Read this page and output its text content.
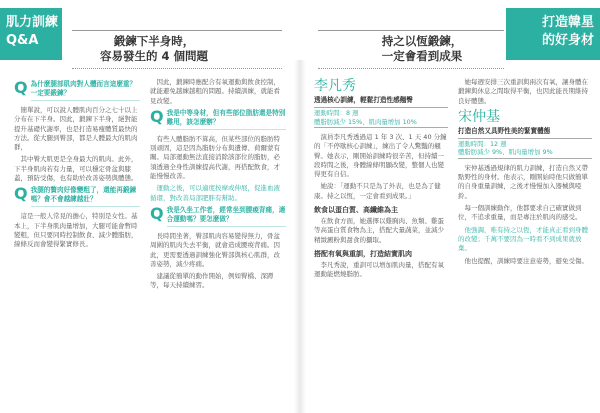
肌力訓練
Q&A
打造韓星
的好身材
鍛鍊下半身時，
容易發生的 4 個問題
持之以恆鍛鍊，
一定會看到成果
Q 為什麼腿部肌肉對人體而言這麼重？一定要鍛鍊？

簡單說，可以說人體肌肉百分之七十以上分布在下半身。因此，鍛鍊下半身，絕對能提升基礎代謝率，也是打造易瘦體質最快的方法。從大腿到臀部，都是人體最大的肌肉群，

其中臀大肌更是全身最大的肌肉。此外，下半身肌肉若有力量，可以穩定骨盆與膝蓋，預防受傷，也有助於改善姿勢與體態。

Q 我腿的贅肉好像變粗了，還能再鍛鍊嗎？會不會越練越壯？

這是一般人常見的擔心，特別是女性。基本上，下半身肌肉量增加，大腿可能會暫時變粗，但只要同時控制飲食、減少體脂肪，線條反而會變得緊實修長。

因此，鍛鍊時應配合有氧運動與飲食控制，就能避免越練越粗的問題。持續訓練，就能看見改變。

Q 我是中等身材，但有些部位脂肪還是特別難甩，該怎麼辦？

有些人體脂肪不算高，但某些部位的脂肪特別頑固，這是因為脂肪分布與遺傳、荷爾蒙有關。局部運動無法直接消除該部位的脂肪，必須透過全身性訓練提高代謝，再搭配飲食，才能慢慢改善。

運動之後，可以適度按摩或伸展，促進血液循環，對改善局部肥胖有幫助。

Q 我是久坐工作者，經常坐到腰痠背痛，適合運動嗎？要怎麼做？

長時間坐著，臀部肌肉容易變得無力，骨盆周圍的肌肉失去平衡，就會造成腰痠背痛。因此，更需要透過訓練強化臀部與核心肌群，改善姿勢，減少疼痛。

建議從簡單的動作開始，例如臀橋、深蹲等，每天持續練習。

李凡秀
透過核心訓練，輕鬆打造性感翹臀
運動時間：8 週
體脂肪減少 15%、肌肉量增加 10%

演員李凡秀透過這 1 年 3 次、1 天 40 分鐘的「不停歇核心訓練」，練出了令人驚豔的翹臀。她表示，剛開始訓練時很辛苦，但持續一段時間之後，身體線條明顯改變，整個人也變得更有自信。

她說：「運動不只是為了外表，也是為了健康。持之以恆，一定會看到成果。」

飲食以蛋白質、高纖維為主

在飲食方面，她選擇以雞胸肉、魚類、雞蛋等高蛋白質食物為主，搭配大量蔬菜，並減少精緻澱粉與甜食的攝取。

搭配有氧與重訓，打造結實肌肉

李凡秀說，重訓可以增加肌肉量，搭配有氧運動能燃燒脂肪。

她每週安排三次重訓與兩次有氧，讓身體在鍛鍊與休息之間取得平衡，也因此能長期維持良好體態。

宋仲基
打造自然又具野性美的緊實體態
運動時間：12 週
體脂肪減少 9%、肌肉量增加 9%

宋仲基透過規律的肌力訓練，打造自然又帶點野性的身材。他表示，剛開始時他只做簡單的自身重量訓練，之後才慢慢加入器械與啞鈴。

每一個訓練動作，他都要求自己確實做到位，不追求重量，而是專注於肌肉的感受。

他強調，唯有持之以恆，才能真正看到身體的改變；千萬不要因為一時看不到成果就放棄。

他也提醒，訓練時要注意姿勢，避免受傷。
